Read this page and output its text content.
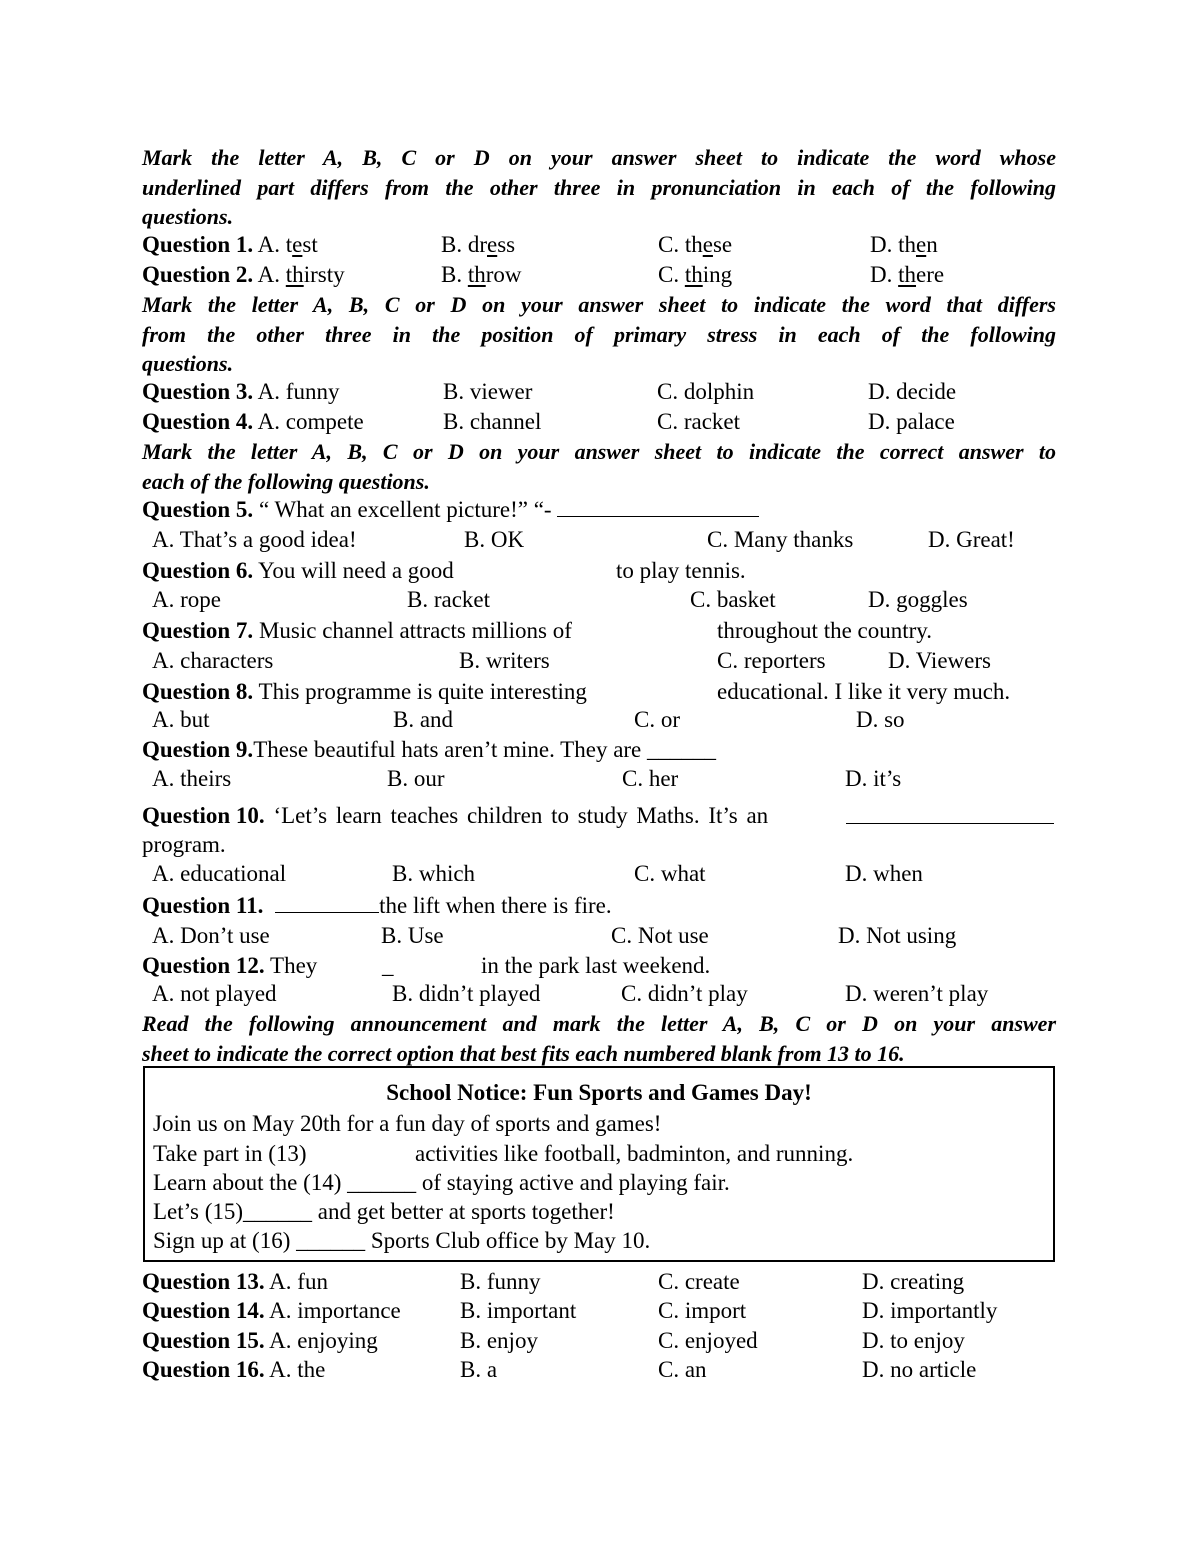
Mark the letter A, B, C or D on your answer sheet to indicate the word whose
underlined part differs from the other three in pronunciation in each of the following
questions.
Question 1. A. test	B. dress	C. these	D. then
Question 2. A. thirsty	B. throw	C. thing	D. there
Mark the letter A, B, C or D on your answer sheet to indicate the word that differs
from the other three in the position of primary stress in each of the following
questions.
Question 3. A. funny	B. viewer	C. dolphin	D. decide
Question 4. A. compete	B. channel	C. racket	D. palace
Mark the letter A, B, C or D on your answer sheet to indicate the correct answer to
each of the following questions.
Question 5. “ What an excellent picture!” “-
A. That’s a good idea!	B. OK	C. Many thanks	D. Great!
Question 6. You will need a good	to play tennis.
A. rope	B. racket	C. basket	D. goggles
Question 7. Music channel attracts millions of	throughout the country.
A. characters	B. writers	C. reporters	D. Viewers
Question 8. This programme is quite interesting	educational. I like it very much.
A. but	B. and	C. or	D. so
Question 9.These beautiful hats aren’t mine. They are ______
A. theirs	B. our	C. her	D. it’s
Question 10. ‘Let’s learn teaches children to study Maths. It’s an
program.
A. educational	B. which	C. what	D. when
Question 11.	the lift when there is fire.
A. Don’t use	B. Use	C. Not use	D. Not using
Question 12. They	_	in the park last weekend.
A. not played	B. didn’t played	C. didn’t play	D. weren’t play
Read the following announcement and mark the letter A, B, C or D on your answer
sheet to indicate the correct option that best fits each numbered blank from 13 to 16.
School Notice: Fun Sports and Games Day!
Join us on May 20th for a fun day of sports and games!
Take part in (13)	activities like football, badminton, and running.
Learn about the (14) ______ of staying active and playing fair.
Let’s (15)______ and get better at sports together!
Sign up at (16) ______ Sports Club office by May 10.
Question 13. A. fun	B. funny	C. create	D. creating
Question 14. A. importance	B. important	C. import	D. importantly
Question 15. A. enjoying	B. enjoy	C. enjoyed	D. to enjoy
Question 16. A. the	B. a	C. an	D. no article
